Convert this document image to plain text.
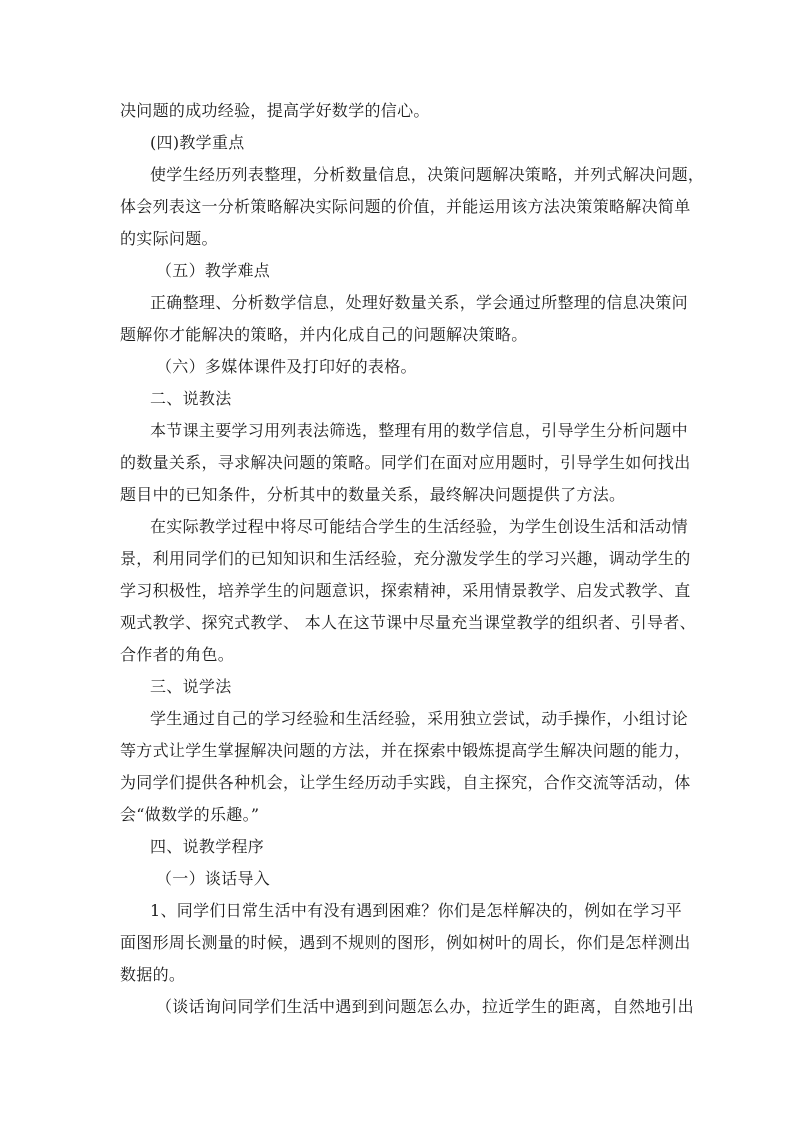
决问题的成功经验，提高学好数学的信心。
(四)教学重点
使学生经历列表整理，分析数量信息，决策问题解决策略，并列式解决问题，
体会列表这一分析策略解决实际问题的价值，并能运用该方法决策策略解决简单
的实际问题。
（五）教学难点
正确整理、分析数学信息，处理好数量关系，学会通过所整理的信息决策问
题解你才能解决的策略，并内化成自己的问题解决策略。
（六）多媒体课件及打印好的表格。
二、说教法
本节课主要学习用列表法筛选，整理有用的数学信息，引导学生分析问题中
的数量关系，寻求解决问题的策略。同学们在面对应用题时，引导学生如何找出
题目中的已知条件，分析其中的数量关系，最终解决问题提供了方法。
在实际教学过程中将尽可能结合学生的生活经验，为学生创设生活和活动情
景，利用同学们的已知知识和生活经验，充分激发学生的学习兴趣，调动学生的
学习积极性，培养学生的问题意识，探索精神，采用情景教学、启发式教学、直
观式教学、探究式教学、 本人在这节课中尽量充当课堂教学的组织者、引导者、
合作者的角色。
三、说学法
学生通过自己的学习经验和生活经验，采用独立尝试，动手操作，小组讨论
等方式让学生掌握解决问题的方法，并在探索中锻炼提高学生解决问题的能力，
为同学们提供各种机会，让学生经历动手实践，自主探究，合作交流等活动，体
会“做数学的乐趣。”
四、说教学程序
（一）谈话导入
1、同学们日常生活中有没有遇到困难？你们是怎样解决的，例如在学习平
面图形周长测量的时候，遇到不规则的图形，例如树叶的周长，你们是怎样测出
数据的。
（谈话询问同学们生活中遇到到问题怎么办，拉近学生的距离，自然地引出
